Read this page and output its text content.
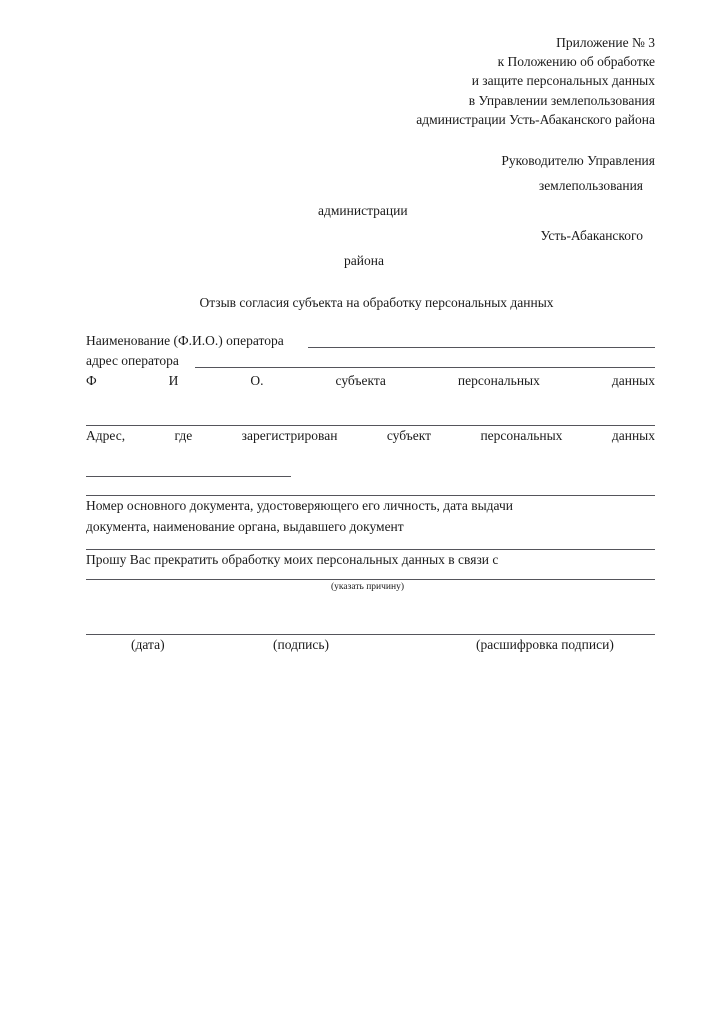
Приложение № 3
к Положению об обработке
и защите персональных данных
в Управлении землепользования
администрации Усть-Абаканского района
Руководителю Управления
землепользования
администрации
Усть-Абаканского
района
Отзыв согласия субъекта на обработку персональных данных
Наименование (Ф.И.О.) оператора
адрес оператора
Ф И О. субъекта персональных данных
Адрес, где зарегистрирован субъект персональных данных
Номер основного документа, удостоверяющего его личность, дата выдачи
документа, наименование органа, выдавшего документ
Прошу Вас прекратить обработку моих персональных данных в связи с
(указать причину)
(дата)	(подпись)	(расшифровка подписи)
